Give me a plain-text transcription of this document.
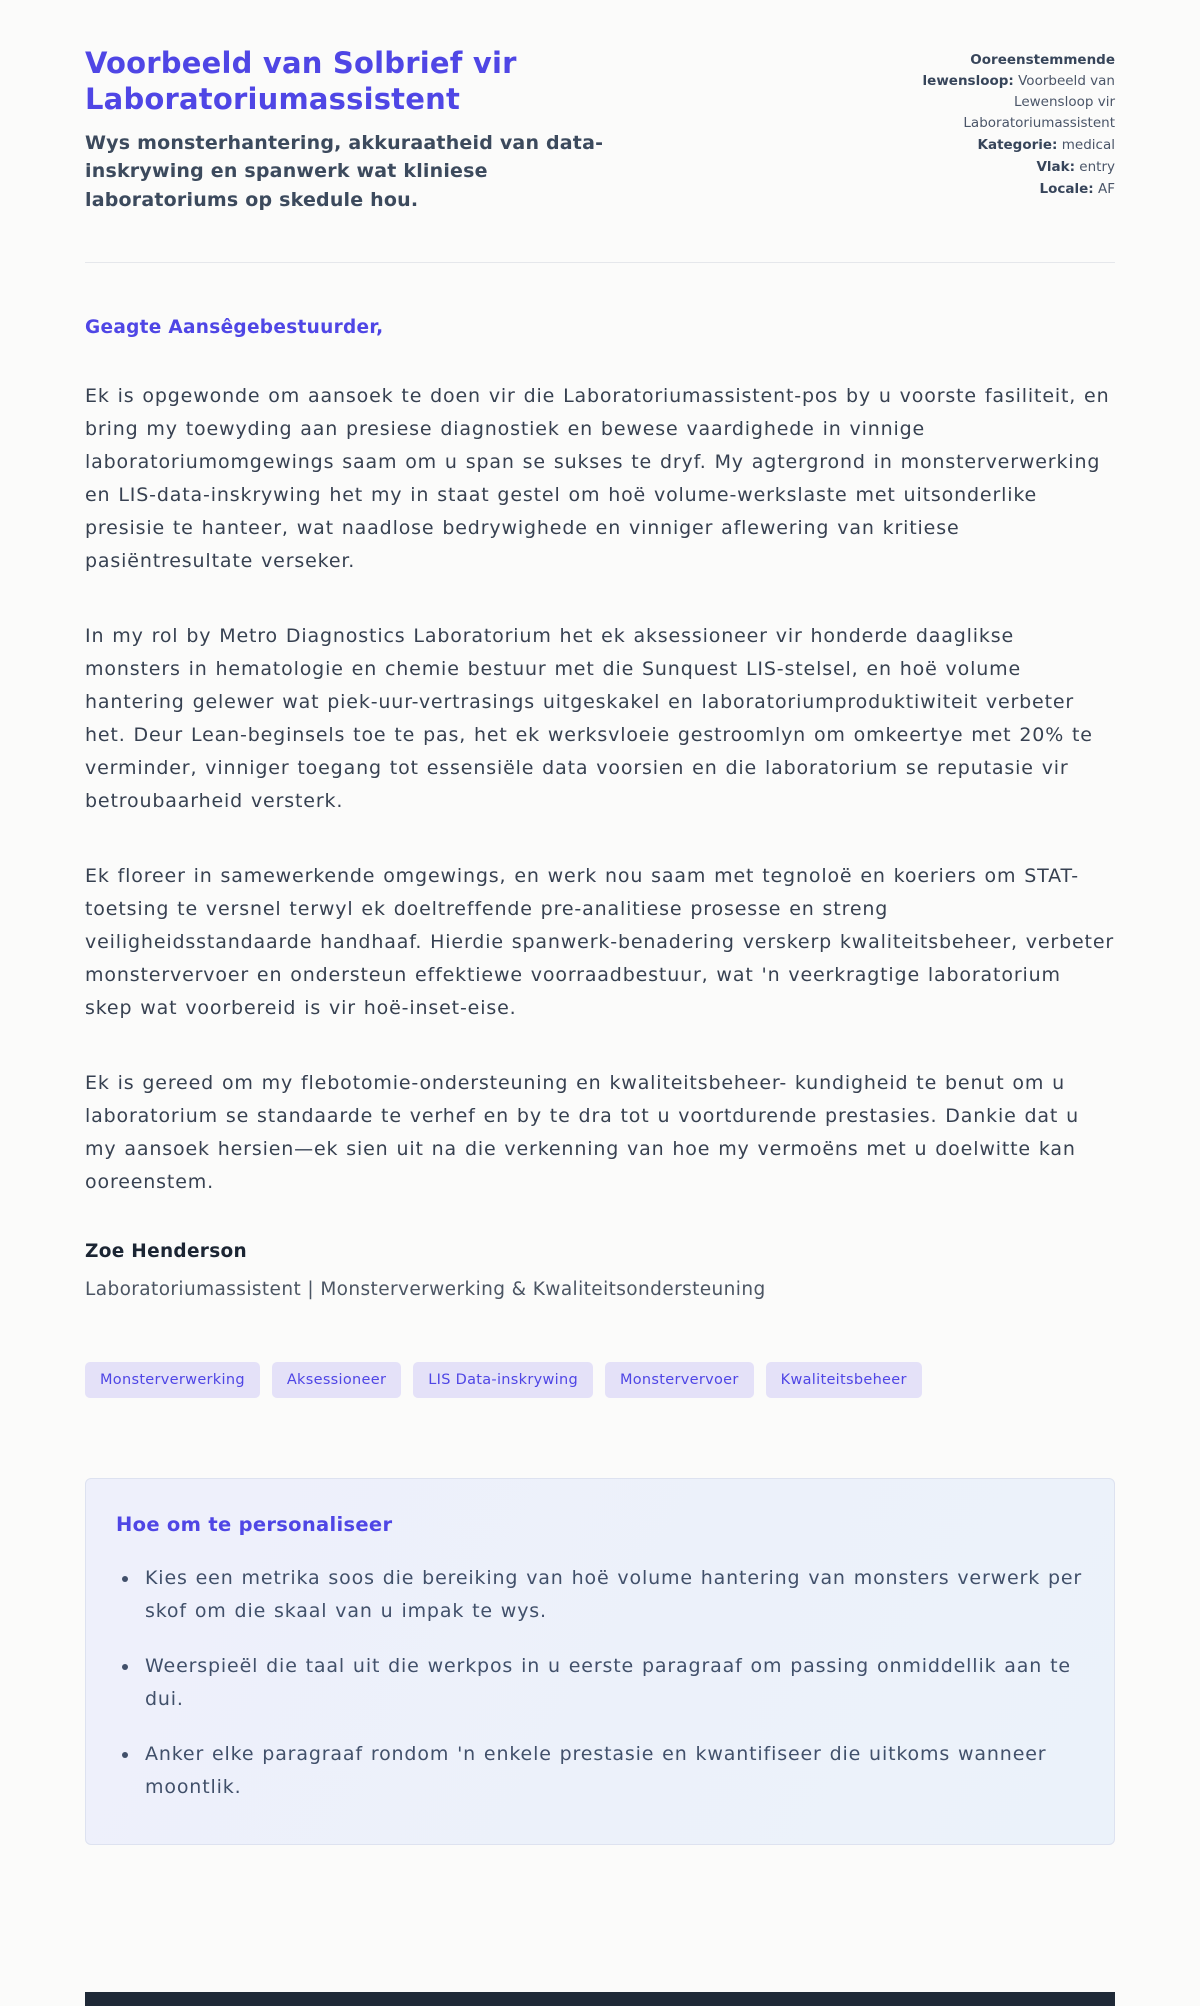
Voorbeeld van Solbrief vir Laboratoriumassistent

Wys monsterhantering, akkuraatheid van data-inskrywing en spanwerk wat kliniese laboratoriums op skedule hou.

Ooreenstemmende lewensloop: Voorbeeld van Lewensloop vir Laboratoriumassistent
Kategorie: medical
Vlak: entry
Locale: AF

Geagte Aansêgebestuurder,

Ek is opgewonde om aansoek te doen vir die Laboratoriumassistent-pos by u voorste fasiliteit, en bring my toewyding aan presiese diagnostiek en bewese vaardighede in vinnige laboratoriumomgewings saam om u span se sukses te dryf. My agtergrond in monsterverwerking en LIS-data-inskrywing het my in staat gestel om hoë volume-werkslaste met uitsonderlike presisie te hanteer, wat naadlose bedrywighede en vinniger aflewering van kritiese pasiëntresultate verseker.

In my rol by Metro Diagnostics Laboratorium het ek aksessioneer vir honderde daaglikse monsters in hematologie en chemie bestuur met die Sunquest LIS-stelsel, en hoë volume hantering gelewer wat piek-uur-vertrasings uitgeskakel en laboratoriumproduktiwiteit verbeter het. Deur Lean-beginsels toe te pas, het ek werksvloeie gestroomlyn om omkeertye met 20% te verminder, vinniger toegang tot essensiële data voorsien en die laboratorium se reputasie vir betroubaarheid versterk.

Ek floreer in samewerkende omgewings, en werk nou saam met tegnoloë en koeriers om STAT-toetsing te versnel terwyl ek doeltreffende pre-analitiese prosesse en streng veiligheidsstandaarde handhaaf. Hierdie spanwerk-benadering verskerp kwaliteitsbeheer, verbeter monstervervoer en ondersteun effektiewe voorraadbestuur, wat 'n veerkragtige laboratorium skep wat voorbereid is vir hoë-inset-eise.

Ek is gereed om my flebotomie-ondersteuning en kwaliteitsbeheer- kundigheid te benut om u laboratorium se standaarde te verhef en by te dra tot u voortdurende prestasies. Dankie dat u my aansoek hersien—ek sien uit na die verkenning van hoe my vermoëns met u doelwitte kan ooreenstem.

Zoe Henderson

Laboratoriumassistent | Monsterverwerking & Kwaliteitsondersteuning

Monsterverwerking	Aksessioneer	LIS Data-inskrywing	Monstervervoer	Kwaliteitsbeheer
Hoe om te personaliseer
• Kies een metrika soos die bereiking van hoë volume hantering van monsters verwerk per skof om die skaal van u impak te wys.
• Weerspieël die taal uit die werkpos in u eerste paragraaf om passing onmiddellik aan te dui.
• Anker elke paragraaf rondom 'n enkele prestasie en kwantifiseer die uitkoms wanneer moontlik.
